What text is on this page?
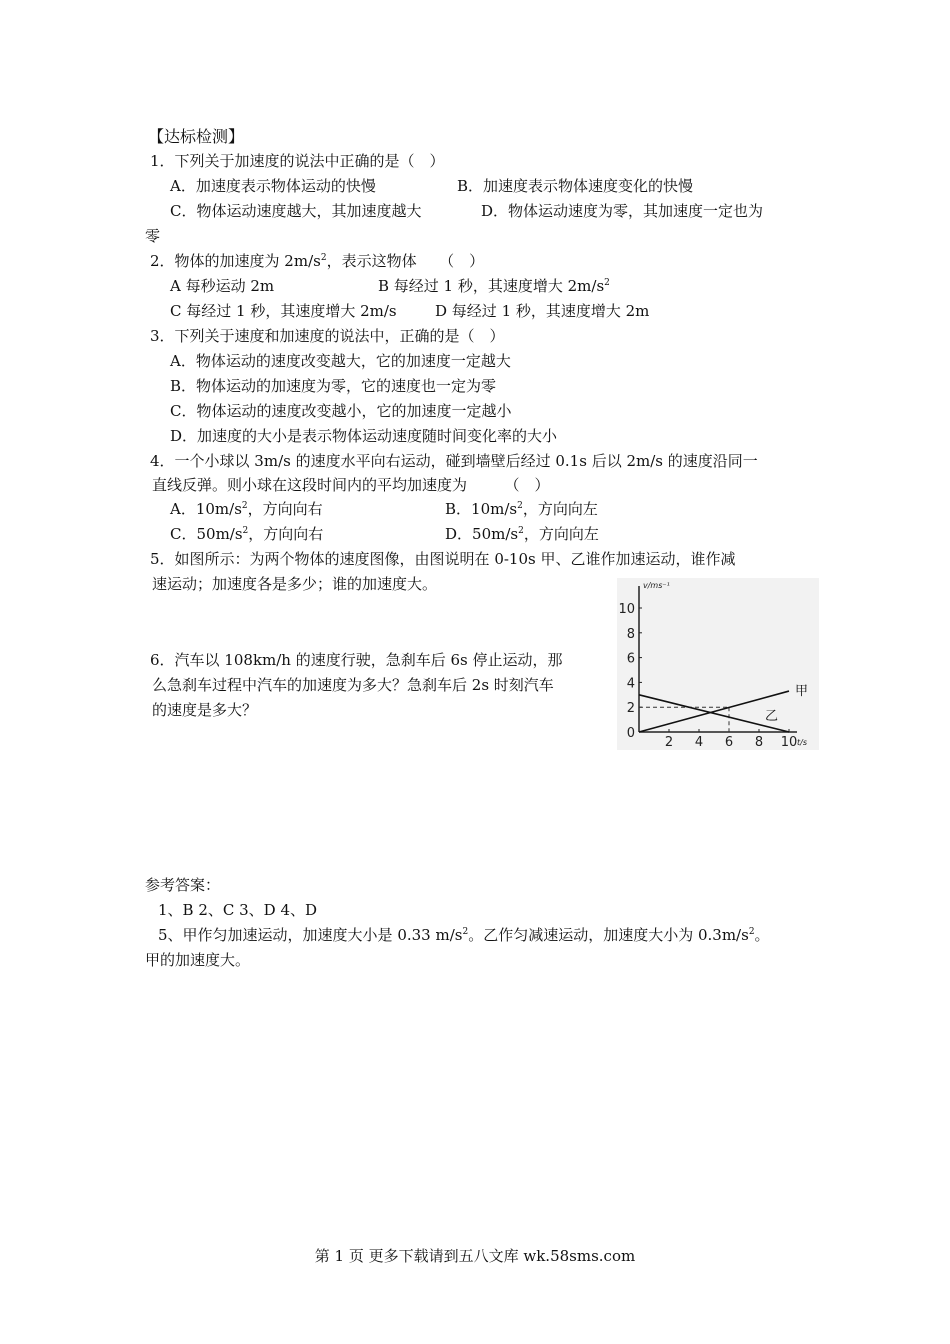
【达标检测】
1．下列关于加速度的说法中正确的是（　）
A．加速度表示物体运动的快慢	B．加速度表示物体速度变化的快慢
C．物体运动速度越大，其加速度越大	D．物体运动速度为零，其加速度一定也为
零
2．物体的加速度为 $2m/s^2$，表示这物体　　（　）
A 每秒运动 2m	B 每经过 1 秒，其速度增大 $2m/s^2$
C 每经过 1 秒，其速度增大 2m/s	D 每经过 1 秒，其速度增大 2m
3．下列关于速度和加速度的说法中，正确的是（　）
A．物体运动的速度改变越大，它的加速度一定越大
B．物体运动的加速度为零，它的速度也一定为零
C．物体运动的速度改变越小，它的加速度一定越小
D．加速度的大小是表示物体运动速度随时间变化率的大小
4．一个小球以 3m/s 的速度水平向右运动，碰到墙壁后经过 0.1s 后以 2m/s 的速度沿同一
直线反弹。则小球在这段时间内的平均加速度为　　　（　）
A．$10m/s^2$，方向向右	B．$10m/s^2$，方向向左
C．$50m/s^2$，方向向右	D．$50m/s^2$，方向向左
5．如图所示：为两个物体的速度图像，由图说明在 0-10s 甲、乙谁作加速运动，谁作减
速运动；加速度各是多少；谁的加速度大。
6．汽车以 108km/h 的速度行驶，急刹车后 6s 停止运动，那
么急刹车过程中汽车的加速度为多大？急刹车后 2s 时刻汽车
的速度是多大？
v/ms⁻¹
t/s
0
2
4
6
8
10
2 4 6 8 10
甲
乙
参考答案：
1、B 2、C 3、D 4、D
5、甲作匀加速运动，加速度大小是 0.33 $m/s^2$。乙作匀减速运动，加速度大小为 $0.3m/s^2$。
甲的加速度大。
第 1 页 更多下载请到五八文库 wk.58sms.com
